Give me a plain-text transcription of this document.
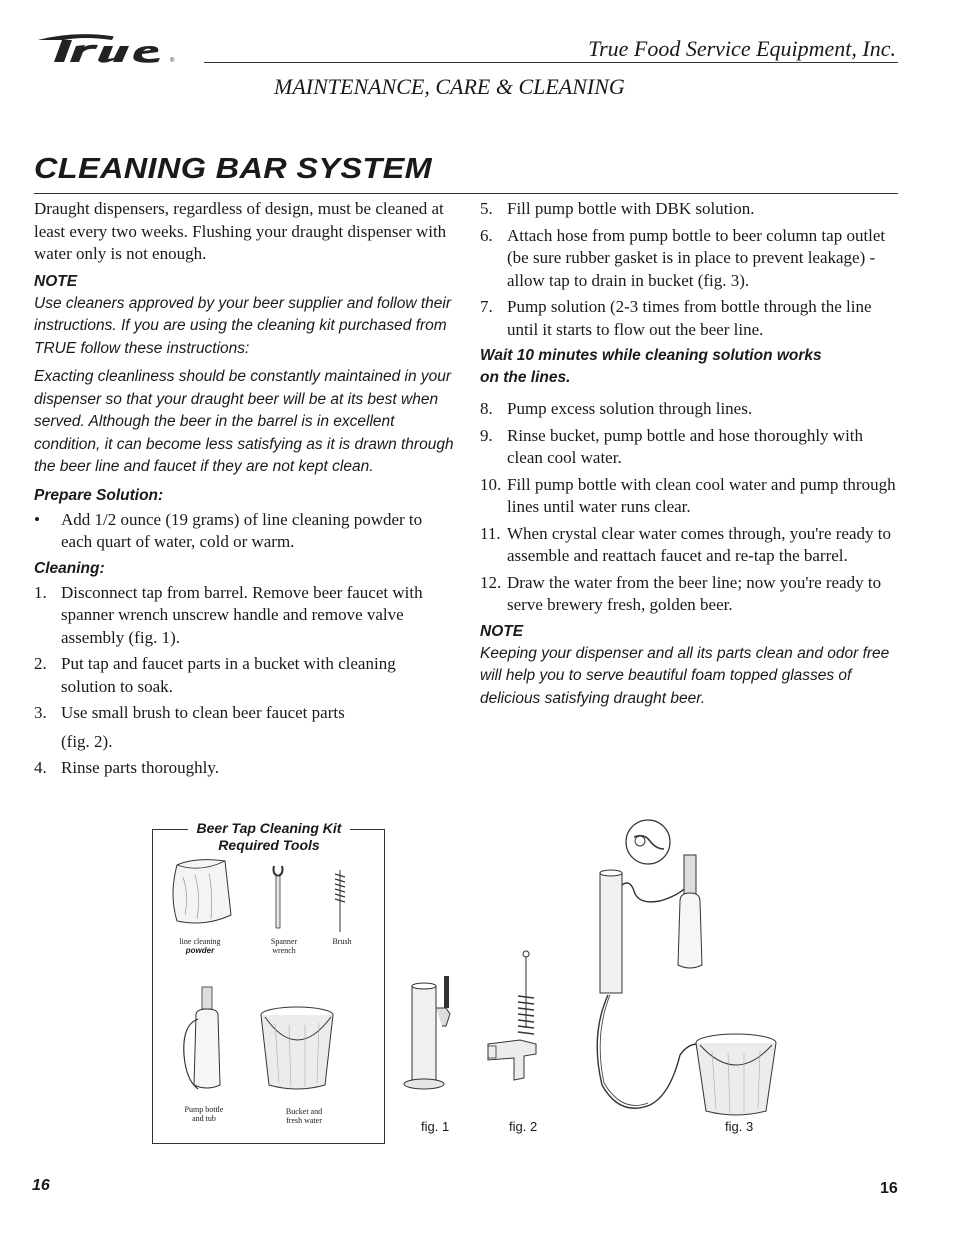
®	True Food Service Equipment, Inc.
MAINTENANCE, CARE & CLEANING
CLEANING BAR SYSTEM

Draught dispensers, regardless of design, must be cleaned at least every two weeks. Flushing your draught dispenser with water only is not enough.

NOTE

Use cleaners approved by your beer supplier and follow their instructions. If you are using the cleaning kit purchased from TRUE follow these instructions:

Exacting cleanliness should be constantly maintained in your dispenser so that your draught beer will be at its best when served. Although the beer in the barrel is in excellent condition, it can become less satisfying as it is drawn through the beer line and faucet if they are not kept clean.

Prepare Solution:

•	Add 1/2 ounce (19 grams) of line cleaning powder to each quart of water, cold or warm.

Cleaning:

1. Disconnect tap from barrel. Remove beer faucet with spanner wrench unscrew handle and remove valve assembly (fig. 1).
2. Put tap and faucet parts in a bucket with cleaning solution to soak.
3. Use small brush to clean beer faucet parts
(fig. 2).
4. Rinse parts thoroughly.
5. Fill pump bottle with DBK solution.
6. Attach hose from pump bottle to beer column tap outlet (be sure rubber gasket is in place to prevent leakage) - allow tap to drain in bucket (fig. 3).
7. Pump solution (2-3 times from bottle through the line until it starts to flow out the beer line.

Wait 10 minutes while cleaning solution works

on the lines.

8. Pump excess solution through lines.
9. Rinse bucket, pump bottle and hose thoroughly with clean cool water.
10. Fill pump bottle with clean cool water and pump through lines until water runs clear.
11. When crystal clear water comes through, you're ready to assemble and reattach faucet and re-tap the barrel.
12. Draw the water from the beer line; now you're ready to serve brewery fresh, golden beer.

NOTE

Keeping your dispenser and all its parts clean and odor free will help you to serve beautiful foam topped glasses of delicious satisfying draught beer.

Beer Tap Cleaning Kit
Required Tools
line cleaning
powder
Spanner
wrench
Brush
Pump bottle
and tub
Bucket and
fresh water	fig. 1	fig. 2	fig. 3
16	16
